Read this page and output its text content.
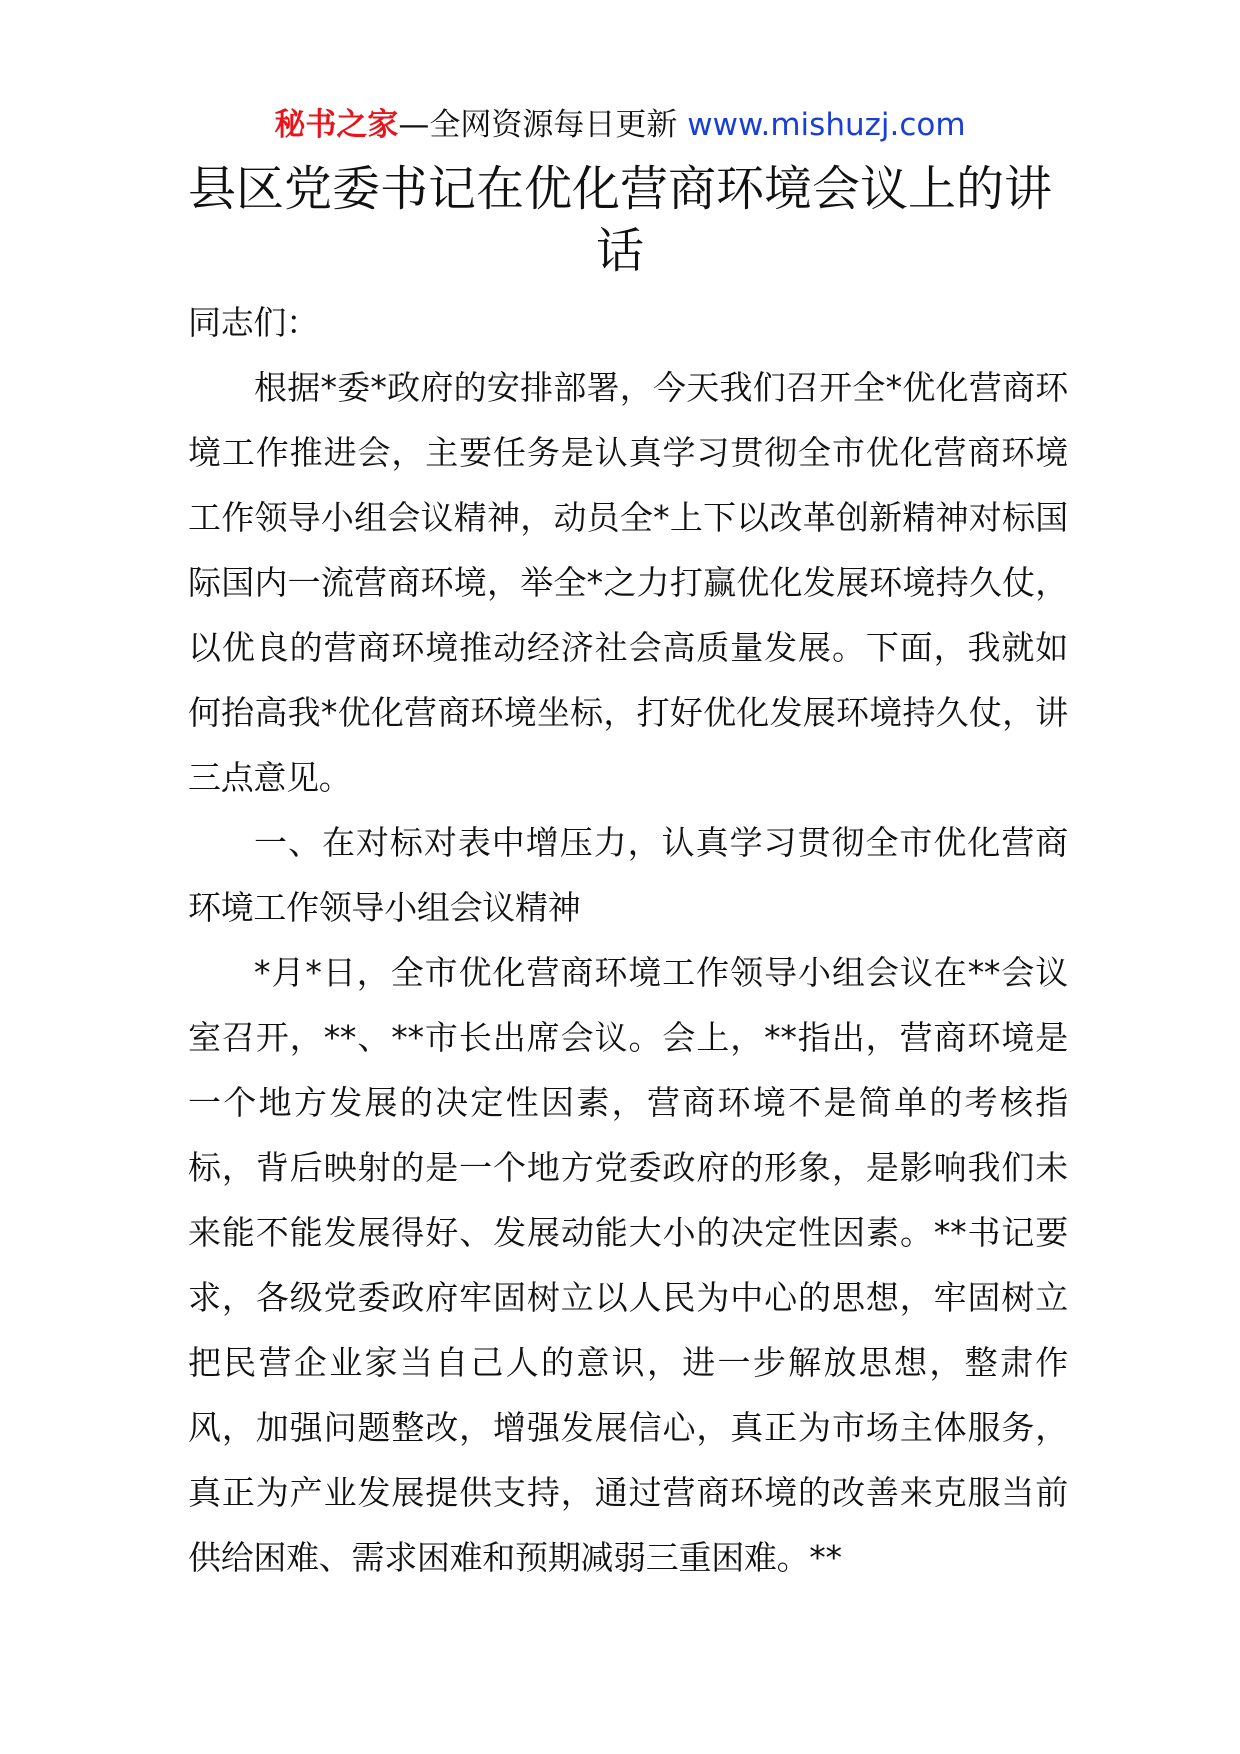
秘书之家—全网资源每日更新 www.mishuzj.com
县区党委书记在优化营商环境会议上的讲话

同志们：

根据*委*政府的安排部署，今天我们召开全*优化营商环境工作推进会，主要任务是认真学习贯彻全市优化营商环境工作领导小组会议精神，动员全*上下以改革创新精神对标国际国内一流营商环境，举全*之力打赢优化发展环境持久仗，以优良的营商环境推动经济社会高质量发展。下面，我就如何抬高我*优化营商环境坐标，打好优化发展环境持久仗，讲三点意见。

一、在对标对表中增压力，认真学习贯彻全市优化营商环境工作领导小组会议精神

*月*日，全市优化营商环境工作领导小组会议在**会议室召开，**、**市长出席会议。会上，**指出，营商环境是一个地方发展的决定性因素，营商环境不是简单的考核指标，背后映射的是一个地方党委政府的形象，是影响我们未来能不能发展得好、发展动能大小的决定性因素。**书记要求，各级党委政府牢固树立以人民为中心的思想，牢固树立把民营企业家当自己人的意识，进一步解放思想，整肃作风，加强问题整改，增强发展信心，真正为市场主体服务，真正为产业发展提供支持，通过营商环境的改善来克服当前供给困难、需求困难和预期减弱三重困难。**
